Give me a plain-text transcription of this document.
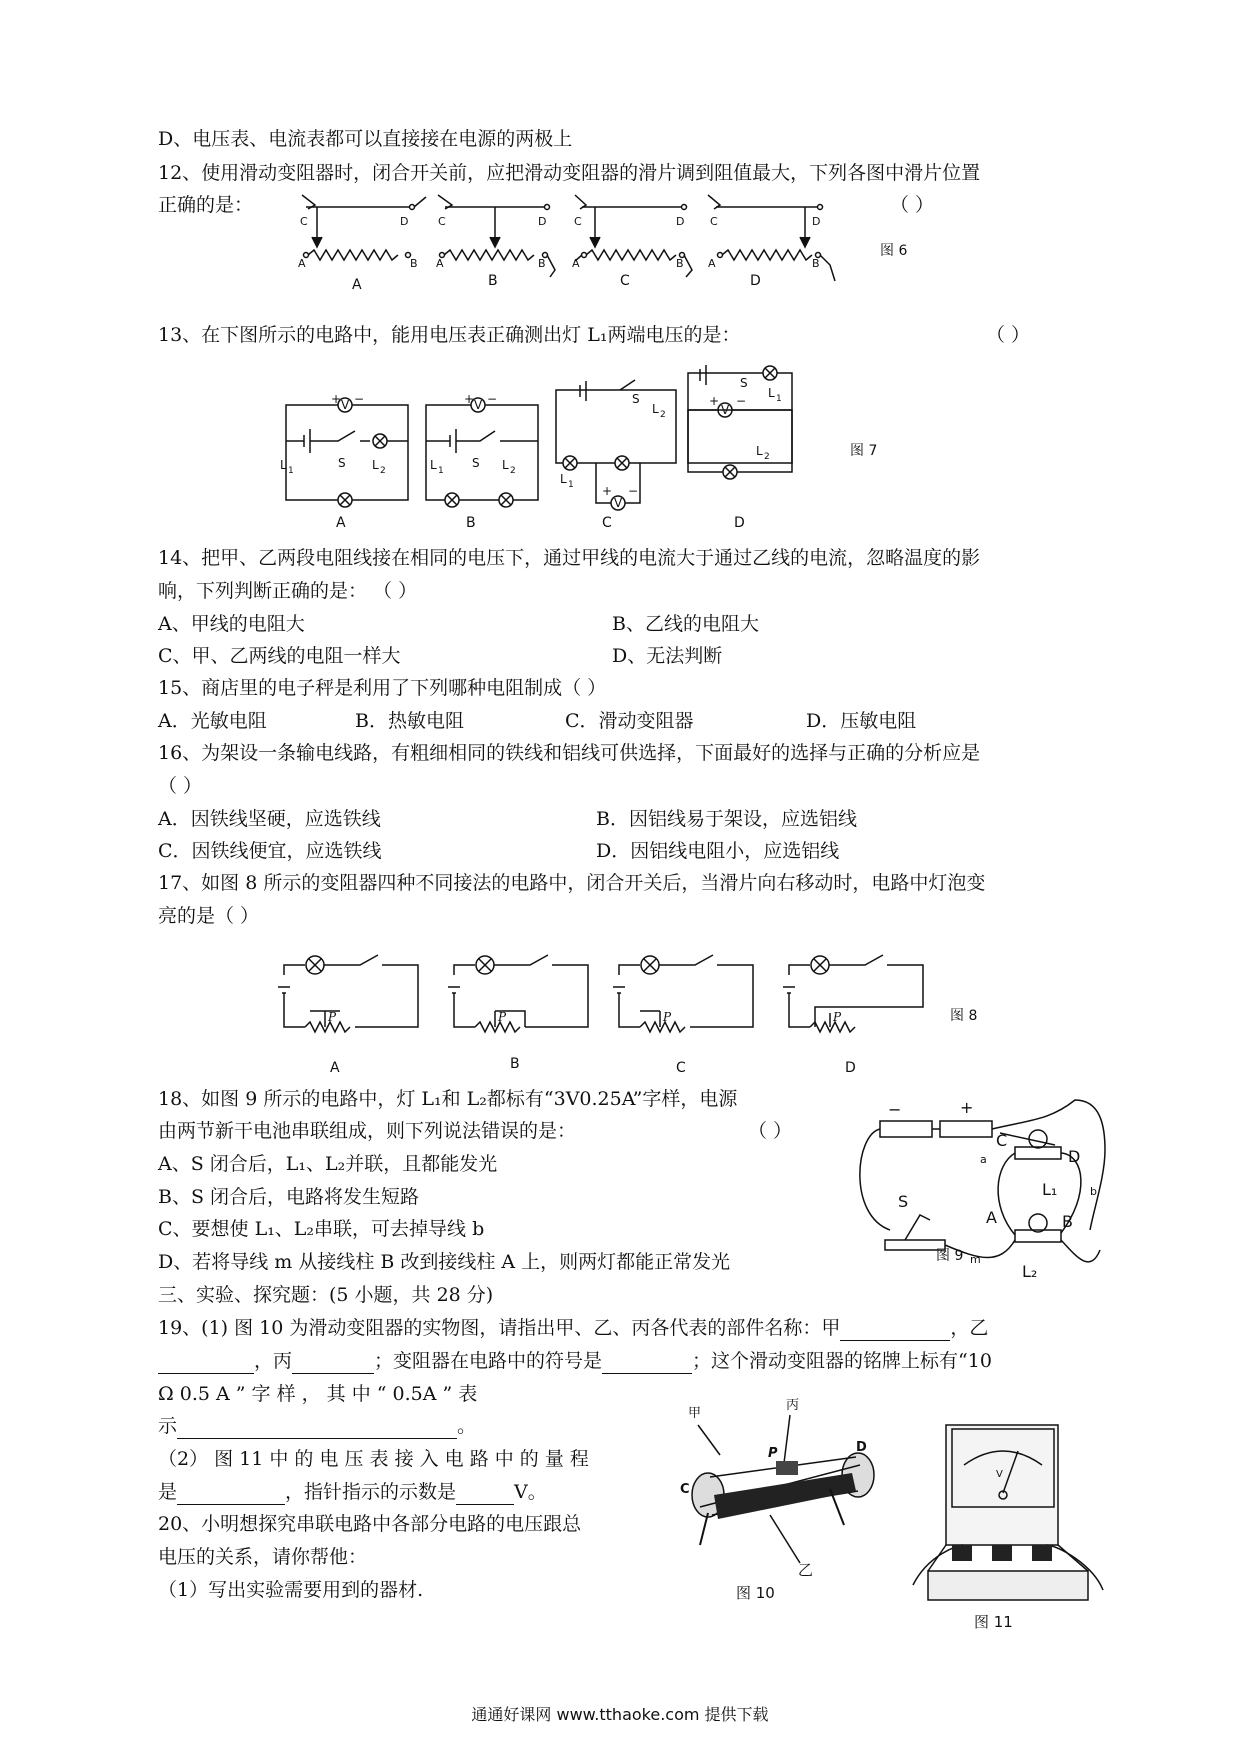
D、电压表、电流表都可以直接接在电源的两极上
12、使用滑动变阻器时，闭合开关前，应把滑动变阻器的滑片调到阻值最大，下列各图中滑片位置
正确的是：	（ ）
C	D
A	B
C	D
A	B
C	D
A	B
C	D
A	B
A	B	C	D
图 6
13、在下图所示的电路中，能用电压表正确测出灯 L₁两端电压的是：	（ ）
V
+ −	V
+ −
V
+ −
V
+ −
S
L 1	L 2
S
L 1	L 2
S
L 2
L 1
L 1
L 2
S
A	B	C	D
图 7
14、把甲、乙两段电阻线接在相同的电压下，通过甲线的电流大于通过乙线的电流，忽略温度的影
响，下列判断正确的是： （ ）
A、甲线的电阻大	B、乙线的电阻大
C、甲、乙两线的电阻一样大	D、无法判断
15、商店里的电子秤是利用了下列哪种电阻制成（ ）
A．光敏电阻	B．热敏电阻	C．滑动变阻器	D．压敏电阻
16、为架设一条输电线路，有粗细相同的铁线和铝线可供选择，下面最好的选择与正确的分析应是
（ ）
A．因铁线坚硬，应选铁线	B．因铝线易于架设，应选铝线
C．因铁线便宜，应选铁线	D．因铝线电阻小，应选铝线
17、如图 8 所示的变阻器四种不同接法的电路中，闭合开关后，当滑片向右移动时，电路中灯泡变
亮的是（ ）
P	P	P	P
A	B	C	D
图 8
18、如图 9 所示的电路中，灯 L₁和 L₂都标有“3V0.25A”字样，电源
由两节新干电池串联组成，则下列说法错误的是：	（ ）
A、S 闭合后，L₁、L₂并联，且都能发光
B、S 闭合后，电路将发生短路
C、要想使 L₁、L₂串联，可去掉导线 b
D、若将导线 m 从接线柱 B 改到接线柱 A 上，则两灯都能正常发光
−	+
C
D
B
A
L₁
L₂
S
图 9
a
b
m
三、实验、探究题：(5 小题，共 28 分)
19、(1) 图 10 为滑动变阻器的实物图，请指出甲、乙、丙各代表的部件名称：甲	，乙
，丙	；变阻器在电路中的符号是	；这个滑动变阻器的铭牌上标有“10
Ω 0.5 A ” 字 样 ， 其 中 “ 0.5A ” 表
示	。
（2） 图 11 中 的 电 压 表 接 入 电 路 中 的 量 程
是	，指针指示的示数是	V。
20、小明想探究串联电路中各部分电路的电压跟总
电压的关系，请你帮他：
（1）写出实验需要用到的器材.
甲
丙
乙
C
D
P
图 10
V
图 11
通通好课网 www.tthaoke.com 提供下载
